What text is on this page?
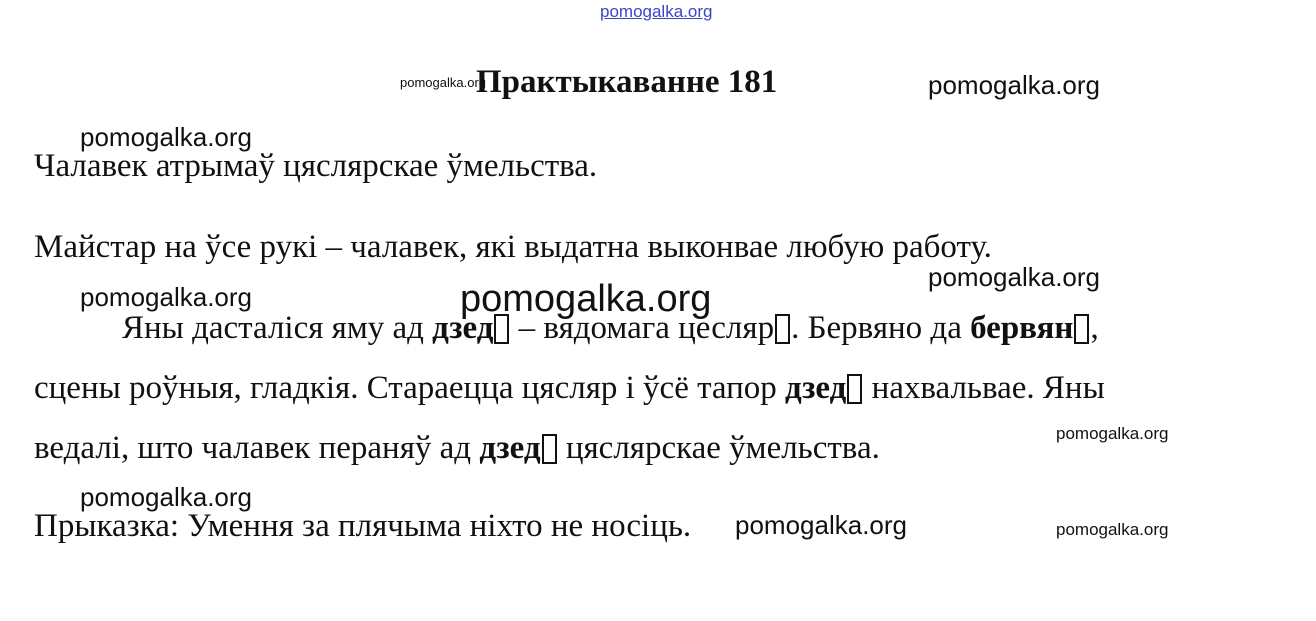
pomogalka.org
pomogalka.org	pomogalka.org
pomogalka.org
pomogalka.org
pomogalka.org	pomogalka.org
pomogalka.org
pomogalka.org
pomogalka.org	pomogalka.org
Практыкаванне 181

Чалавек атрымаў цяслярскае ўмельства.

Майстар на ўсе рукі – чалавек, які выдатна выконвае любую работу.

Яны дасталіся яму ад дзед – вядомага цесляр . Бервяно да бервян ,

сцены роўныя, гладкія. Стараецца цясляр і ўсё тапор дзед нахвальвае. Яны

ведалі, што чалавек пераняў ад дзед цяслярскае ўмельства.

Прыказка: Умення за плячыма ніхто не носіць.
